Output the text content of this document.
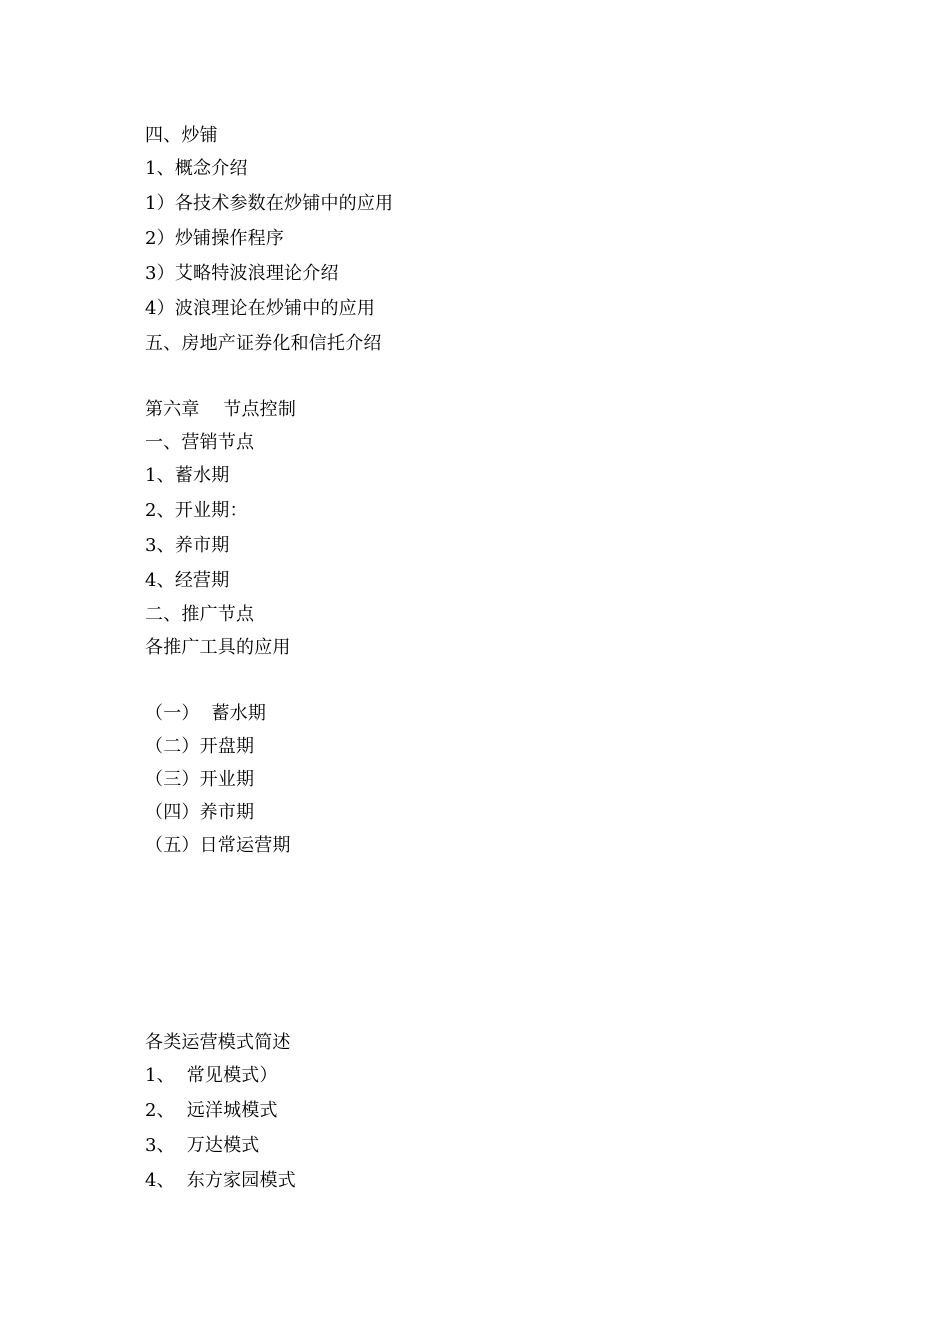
四、炒铺
1、概念介绍
1）各技术参数在炒铺中的应用
2）炒铺操作程序
3）艾略特波浪理论介绍
4）波浪理论在炒铺中的应用
五、房地产证券化和信托介绍
第六章    节点控制
一、营销节点
1、蓄水期
2、开业期：
3、养市期
4、经营期
二、推广节点
各推广工具的应用
（一）  蓄水期
（二）开盘期
（三）开业期
（四）养市期
（五）日常运营期
各类运营模式简述
1、  常见模式）
2、  远洋城模式
3、  万达模式
4、  东方家园模式
